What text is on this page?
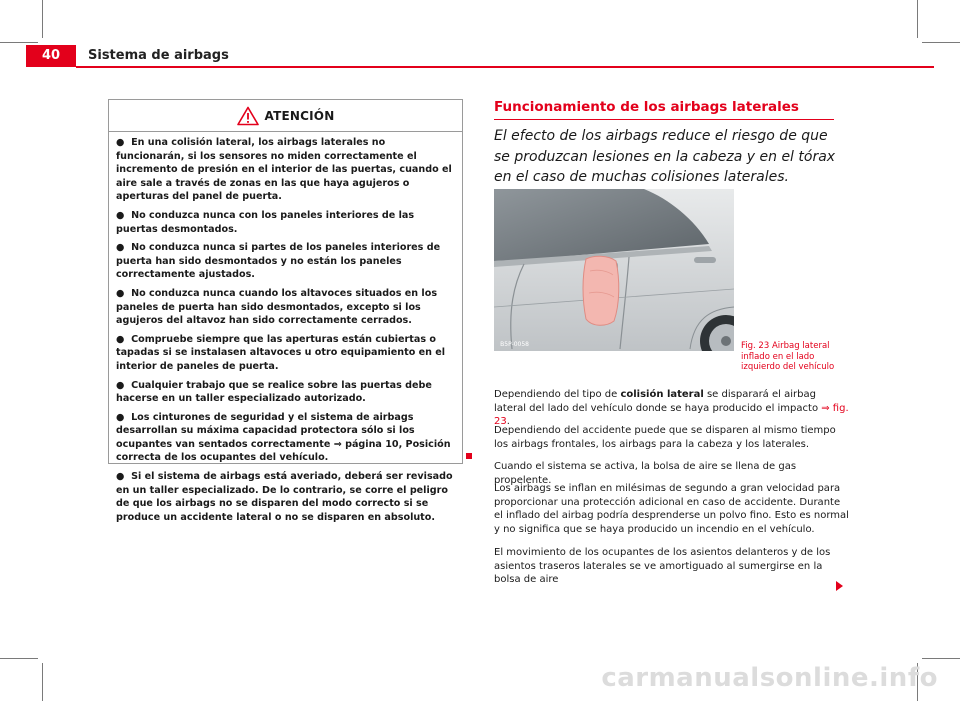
40	Sistema de airbags
ATENCIÓN

● En una colisión lateral, los airbags laterales no funcionarán, si los sensores no miden correctamente el incremento de presión en el interior de las puertas, cuando el aire sale a través de zonas en las que haya agujeros o aperturas del panel de puerta.

● No conduzca nunca con los paneles interiores de las puertas desmontados.

● No conduzca nunca si partes de los paneles interiores de puerta han sido desmontados y no están los paneles correctamente ajustados.

● No conduzca nunca cuando los altavoces situados en los paneles de puerta han sido desmontados, excepto si los agujeros del altavoz han sido correctamente cerrados.

● Compruebe siempre que las aperturas están cubiertas o tapadas si se instalasen altavoces u otro equipamiento en el interior de paneles de puerta.

● Cualquier trabajo que se realice sobre las puertas debe hacerse en un taller especializado autorizado.

● Los cinturones de seguridad y el sistema de airbags desarrollan su máxima capacidad protectora sólo si los ocupantes van sentados correctamente ⇒ página 10, Posición correcta de los ocupantes del vehículo.

● Si el sistema de airbags está averiado, deberá ser revisado en un taller especializado. De lo contrario, se corre el peligro de que los airbags no se disparen del modo correcto si se produce un accidente lateral o no se disparen en absoluto.

Funcionamiento de los airbags laterales
El efecto de los airbags reduce el riesgo de que se produzcan lesiones en la cabeza y en el tórax en el caso de muchas colisiones laterales.
B5P-0058	Fig. 23 Airbag lateral inflado en el lado izquierdo del vehículo
Dependiendo del tipo de colisión lateral se disparará el airbag lateral del lado del vehículo donde se haya producido el impacto ⇒ fig. 23.
Dependiendo del accidente puede que se disparen al mismo tiempo los airbags frontales, los airbags para la cabeza y los laterales.
Cuando el sistema se activa, la bolsa de aire se llena de gas propelente.
Los airbags se inflan en milésimas de segundo a gran velocidad para proporcionar una protección adicional en caso de accidente. Durante el inflado del airbag podría desprenderse un polvo fino. Esto es normal y no significa que se haya producido un incendio en el vehículo.
El movimiento de los ocupantes de los asientos delanteros y de los asientos traseros laterales se ve amortiguado al sumergirse en la bolsa de aire
carmanualsonline.info
